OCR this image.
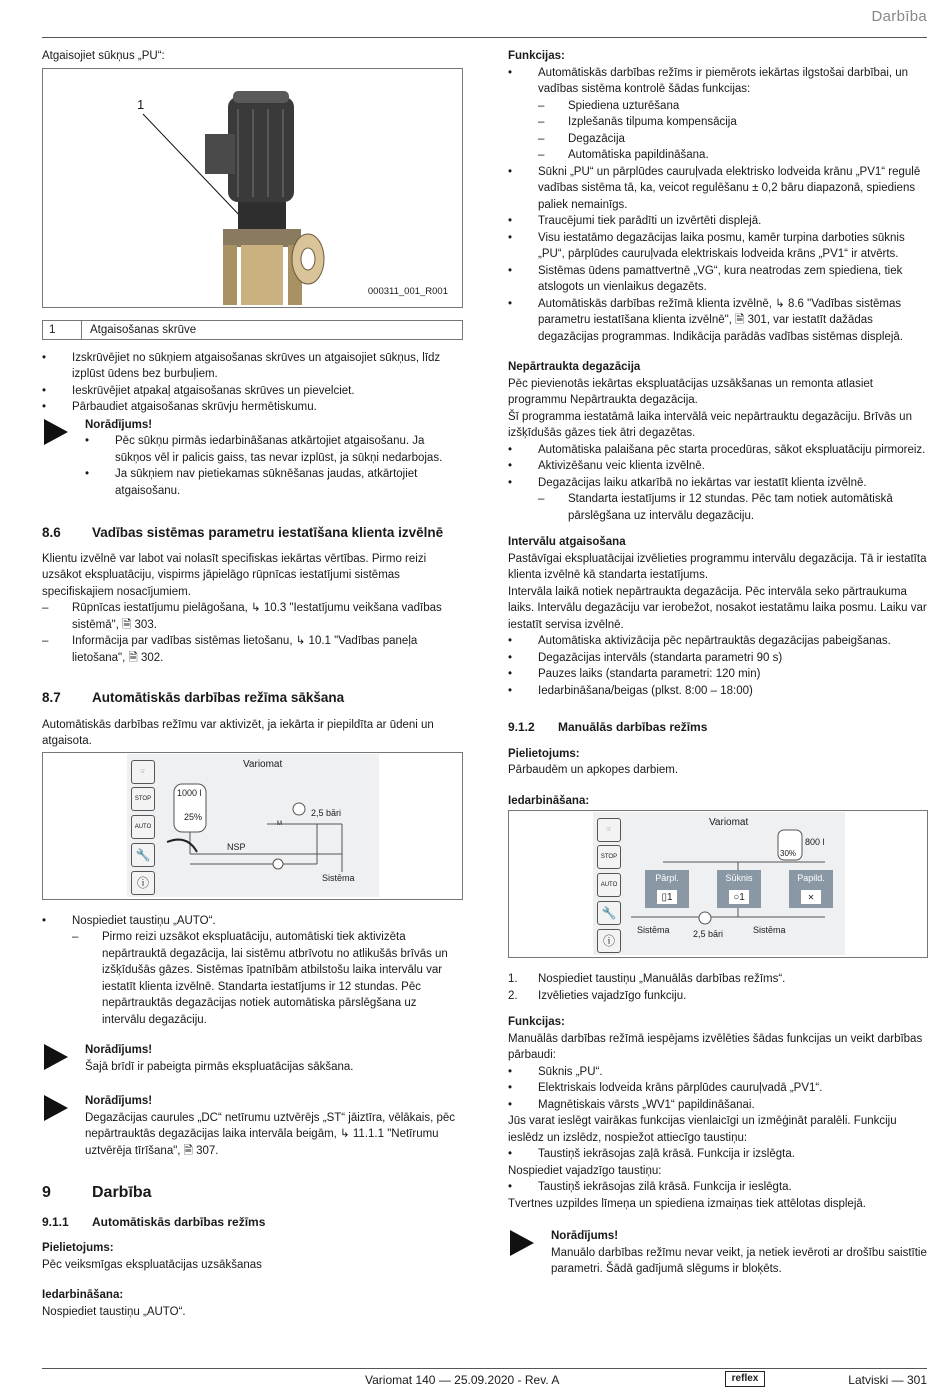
Darbība

Atgaisojiet sūkņus „PU“:

1
000311_001_R001
1	Atgaisošanas skrūve
• Izskrūvējiet no sūkņiem atgaisošanas skrūves un atgaisojiet sūkņus, līdz izplūst ūdens bez burbuļiem.
• Ieskrūvējiet atpakaļ atgaisošanas skrūves un pievelciet.
• Pārbaudiet atgaisošanas skrūvju hermētiskumu.

Norādījums!

• Pēc sūkņu pirmās iedarbināšanas atkārtojiet atgaisošanu. Ja sūkņos vēl ir palicis gaiss, tas nevar izplūst, ja sūkņi nedarbojas.
• Ja sūkņiem nav pietiekamas sūknēšanas jaudas, atkārtojiet atgaisošanu.
8.6	Vadības sistēmas parametru iestatīšana klienta izvēlnē

Klientu izvēlnē var labot vai nolasīt specifiskas iekārtas vērtības. Pirmo reizi uzsākot ekspluatāciju, vispirms jāpielāgo rūpnīcas iestatījumi sistēmas specifiskajiem nosacījumiem.

– Rūpnīcas iestatījumu pielāgošana, ↳ 10.3 "Iestatījumu veikšana vadības sistēmā", 🗎 303.
– Informācija par vadības sistēmas lietošanu, ↳ 10.1 "Vadības paneļa lietošana", 🗎 302.
8.7	Automātiskās darbības režīma sākšana

Automātiskās darbības režīmu var aktivizēt, ja iekārta ir piepildīta ar ūdeni un atgaisota.

☞
STOP
AUTO
🔧
ⓘ
Variomat
1000 l
25%	2,5 bāri
M
NSP
Sistēma
• Nospiediet taustiņu „AUTO“.
– Pirmo reizi uzsākot ekspluatāciju, automātiski tiek aktivizēta nepārtrauktā degazācija, lai sistēmu atbrīvotu no atlikušās brīvās un izšķīdušās gāzes. Sistēmas īpatnībām atbilstošu laika intervālu var iestatīt klienta izvēlnē. Standarta iestatījums ir 12 stundas. Pēc nepārtrauktās degazācijas notiek automātiska pārslēgšana uz intervālu degazāciju.

Norādījums!

Šajā brīdī ir pabeigta pirmās ekspluatācijas sākšana.

Norādījums!

Degazācijas caurules „DC“ netīrumu uztvērējs „ST“ jāiztīra, vēlākais, pēc nepārtrauktās degazācijas laika intervāla beigām, ↳ 11.1.1 "Netīrumu uztvērēja tīrīšana", 🗎 307.

9	Darbība
9.1.1	Automātiskās darbības režīms

Pielietojums:

Pēc veiksmīgas ekspluatācijas uzsākšanas

Iedarbināšana:

Nospiediet taustiņu „AUTO“.

Funkcijas:

• Automātiskās darbības režīms ir piemērots iekārtas ilgstošai darbībai, un vadības sistēma kontrolē šādas funkcijas:
– Spiediena uzturēšana
– Izplešanās tilpuma kompensācija
– Degazācija
– Automātiska papildināšana.
• Sūkni „PU“ un pārplūdes cauruļvada elektrisko lodveida krānu „PV1“ regulē vadības sistēma tā, ka, veicot regulēšanu ± 0,2 bāru diapazonā, spiediens paliek nemainīgs.
• Traucējumi tiek parādīti un izvērtēti displejā.
• Visu iestatāmo degazācijas laika posmu, kamēr turpina darboties sūknis „PU“, pārplūdes cauruļvada elektriskais lodveida krāns „PV1“ ir atvērts.
• Sistēmas ūdens pamattvertnē „VG“, kura neatrodas zem spiediena, tiek atslogots un vienlaikus degazēts.
• Automātiskās darbības režīmā klienta izvēlnē, ↳ 8.6 "Vadības sistēmas parametru iestatīšana klienta izvēlnē", 🗎 301, var iestatīt dažādas degazācijas programmas. Indikācija parādās vadības sistēmas displejā.

Nepārtraukta degazācija

Pēc pievienotās iekārtas ekspluatācijas uzsākšanas un remonta atlasiet programmu Nepārtraukta degazācija.

Šī programma iestatāmā laika intervālā veic nepārtrauktu degazāciju. Brīvās un izšķīdušās gāzes tiek ātri degazētas.

• Automātiska palaišana pēc starta procedūras, sākot ekspluatāciju pirmoreiz.
• Aktivizēšanu veic klienta izvēlnē.
• Degazācijas laiku atkarībā no iekārtas var iestatīt klienta izvēlnē.
– Standarta iestatījums ir 12 stundas. Pēc tam notiek automātiskā pārslēgšana uz intervālu degazāciju.

Intervālu atgaisošana

Pastāvīgai ekspluatācijai izvēlieties programmu intervālu degazācija. Tā ir iestatīta klienta izvēlnē kā standarta iestatījums.

Intervāla laikā notiek nepārtraukta degazācija. Pēc intervāla seko pārtraukuma laiks. Intervālu degazāciju var ierobežot, nosakot iestatāmu laika posmu. Laiku var iestatīt servisa izvēlnē.

• Automātiska aktivizācija pēc nepārtrauktās degazācijas pabeigšanas.
• Degazācijas intervāls (standarta parametri 90 s)
• Pauzes laiks (standarta parametri: 120 min)
• Iedarbināšana/beigas (plkst. 8:00 – 18:00)
9.1.2	Manuālās darbības režīms

Pielietojums:

Pārbaudēm un apkopes darbiem.

Iedarbināšana:

☞
STOP
AUTO
🔧
ⓘ
Variomat
800 l
30%
Pārpl.
▯1
Sūknis
○1
Papild.
✕
2,5 bāri
Sistēma	Sistēma
1. Nospiediet taustiņu „Manuālās darbības režīms“.
2. Izvēlieties vajadzīgo funkciju.

Funkcijas:

Manuālās darbības režīmā iespējams izvēlēties šādas funkcijas un veikt darbības pārbaudi:

• Sūknis „PU“.
• Elektriskais lodveida krāns pārplūdes cauruļvadā „PV1“.
• Magnētiskais vārsts „WV1“ papildināšanai.

Jūs varat ieslēgt vairākas funkcijas vienlaicīgi un izmēģināt paralēli. Funkciju ieslēdz un izslēdz, nospiežot attiecīgo taustiņu:

• Taustiņš iekrāsojas zaļā krāsā. Funkcija ir izslēgta.

Nospiediet vajadzīgo taustiņu:

• Taustiņš iekrāsojas zilā krāsā. Funkcija ir ieslēgta.

Tvertnes uzpildes līmeņa un spiediena izmaiņas tiek attēlotas displejā.

Norādījums!

Manuālo darbības režīmu nevar veikt, ja netiek ievēroti ar drošību saistītie parametri. Šādā gadījumā slēgums ir bloķēts.

Variomat 140 — 25.09.2020 - Rev. A	reflex	Latviski — 301
